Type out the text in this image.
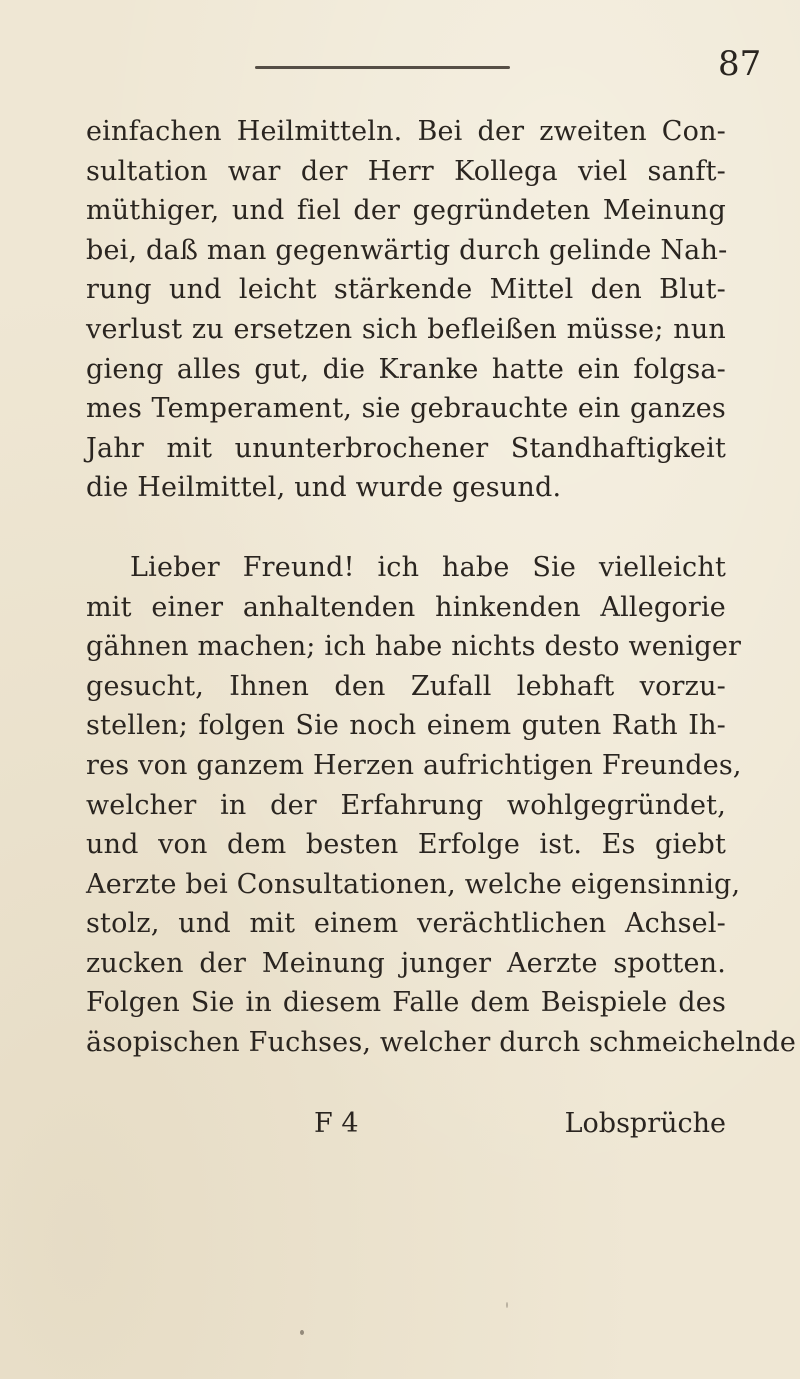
87
einfachen Heilmitteln. Bei der zweiten Con-
sultation war der Herr Kollega viel sanft-
müthiger, und fiel der gegründeten Meinung
bei, daß man gegenwärtig durch gelinde Nah-
rung und leicht stärkende Mittel den Blut-
verlust zu ersetzen sich befleißen müsse; nun
gieng alles gut, die Kranke hatte ein folgsa-
mes Temperament, sie gebrauchte ein ganzes
Jahr mit ununterbrochener Standhaftigkeit
die Heilmittel, und wurde gesund.
Lieber Freund! ich habe Sie vielleicht
mit einer anhaltenden hinkenden Allegorie
gähnen machen; ich habe nichts desto weniger
gesucht, Ihnen den Zufall lebhaft vorzu-
stellen; folgen Sie noch einem guten Rath Ih-
res von ganzem Herzen aufrichtigen Freundes,
welcher in der Erfahrung wohlgegründet,
und von dem besten Erfolge ist. Es giebt
Aerzte bei Consultationen, welche eigensinnig,
stolz, und mit einem verächtlichen Achsel-
zucken der Meinung junger Aerzte spotten.
Folgen Sie in diesem Falle dem Beispiele des
äsopischen Fuchses, welcher durch schmeichelnde
F 4	Lobsprüche
